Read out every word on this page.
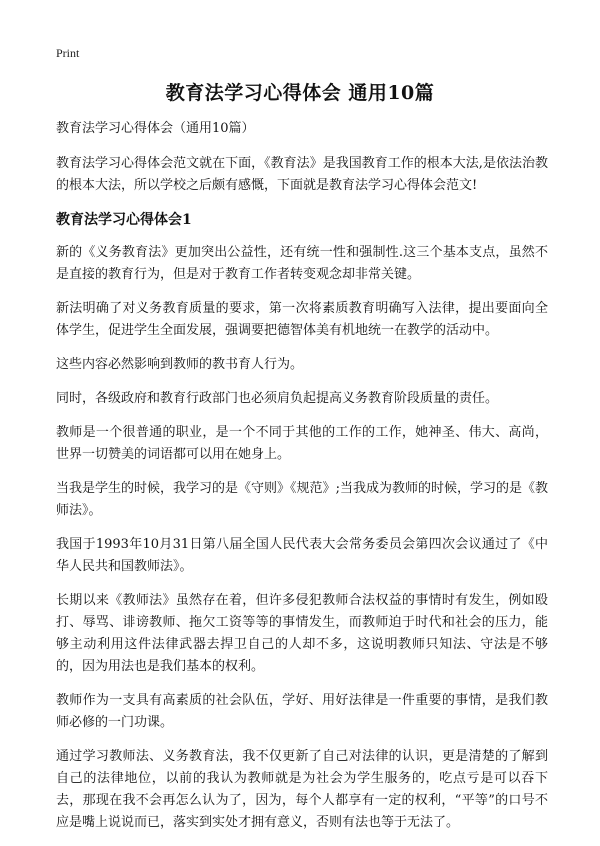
Print
教育法学习心得体会 通用10篇

教育法学习心得体会（通用10篇）

教育法学习心得体会范文就在下面，《教育法》是我国教育工作的根本大法,是依法治教的根本大法，所以学校之后颇有感慨，下面就是教育法学习心得体会范文!

教育法学习心得体会1

新的《义务教育法》更加突出公益性，还有统一性和强制性.这三个基本支点，虽然不是直接的教育行为，但是对于教育工作者转变观念却非常关键。

新法明确了对义务教育质量的要求，第一次将素质教育明确写入法律，提出要面向全体学生，促进学生全面发展，强调要把德智体美有机地统一在教学的活动中。

这些内容必然影响到教师的教书育人行为。

同时，各级政府和教育行政部门也必须肩负起提高义务教育阶段质量的责任。

教师是一个很普通的职业，是一个不同于其他的工作的工作，她神圣、伟大、高尚，世界一切赞美的词语都可以用在她身上。

当我是学生的时候，我学习的是《守则》《规范》;当我成为教师的时候，学习的是《教师法》。

我国于1993年10月31日第八届全国人民代表大会常务委员会第四次会议通过了《中华人民共和国教师法》。

长期以来《教师法》虽然存在着，但许多侵犯教师合法权益的事情时有发生，例如殴打、辱骂、诽谤教师、拖欠工资等等的事情发生，而教师迫于时代和社会的压力，能够主动利用这件法律武器去捍卫自己的人却不多，这说明教师只知法、守法是不够的，因为用法也是我们基本的权利。

教师作为一支具有高素质的社会队伍，学好、用好法律是一件重要的事情，是我们教师必修的一门功课。

通过学习教师法、义务教育法，我不仅更新了自己对法律的认识，更是清楚的了解到自己的法律地位，以前的我认为教师就是为社会为学生服务的，吃点亏是可以吞下去，那现在我不会再怎么认为了，因为，每个人都享有一定的权利，“平等”的口号不应是嘴上说说而已，落实到实处才拥有意义，否则有法也等于无法了。
